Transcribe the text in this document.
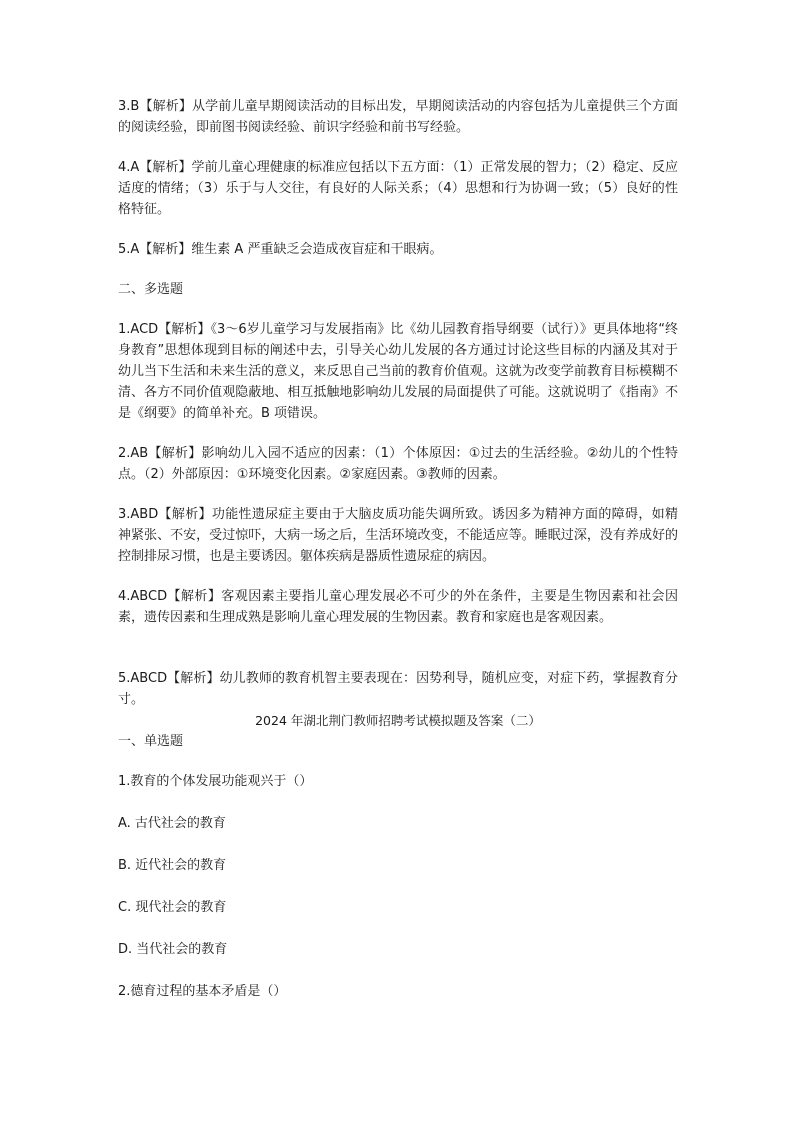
3.B【解析】从学前儿童早期阅读活动的目标出发，早期阅读活动的内容包括为儿童提供三个方面的阅读经验，即前图书阅读经验、前识字经验和前书写经验。

4.A【解析】学前儿童心理健康的标准应包括以下五方面：（1）正常发展的智力；（2）稳定、反应适度的情绪；（3）乐于与人交往，有良好的人际关系；（4）思想和行为协调一致；（5）良好的性格特征。

5.A【解析】维生素 A 严重缺乏会造成夜盲症和干眼病。

二、多选题

1.ACD【解析】《3～6岁儿童学习与发展指南》比《幼儿园教育指导纲要（试行）》更具体地将“终身教育”思想体现到目标的阐述中去，引导关心幼儿发展的各方通过讨论这些目标的内涵及其对于幼儿当下生活和未来生活的意义，来反思自己当前的教育价值观。这就为改变学前教育目标模糊不清、各方不同价值观隐蔽地、相互抵触地影响幼儿发展的局面提供了可能。这就说明了《指南》不是《纲要》的简单补充。B 项错误。

2.AB【解析】影响幼儿入园不适应的因素：（1）个体原因：①过去的生活经验。②幼儿的个性特点。（2）外部原因：①环境变化因素。②家庭因素。③教师的因素。

3.ABD【解析】功能性遗尿症主要由于大脑皮质功能失调所致。诱因多为精神方面的障碍，如精神紧张、不安，受过惊吓，大病一场之后，生活环境改变，不能适应等。睡眠过深，没有养成好的控制排尿习惯，也是主要诱因。躯体疾病是器质性遗尿症的病因。

4.ABCD【解析】客观因素主要指儿童心理发展必不可少的外在条件，主要是生物因素和社会因素，遗传因素和生理成熟是影响儿童心理发展的生物因素。教育和家庭也是客观因素。

5.ABCD【解析】幼儿教师的教育机智主要表现在：因势利导，随机应变，对症下药，掌握教育分寸。

2024 年湖北荆门教师招聘考试模拟题及答案（二）

一、单选题

1.教育的个体发展功能观兴于（）

A. 古代社会的教育

B. 近代社会的教育

C. 现代社会的教育

D. 当代社会的教育

2.德育过程的基本矛盾是（）
